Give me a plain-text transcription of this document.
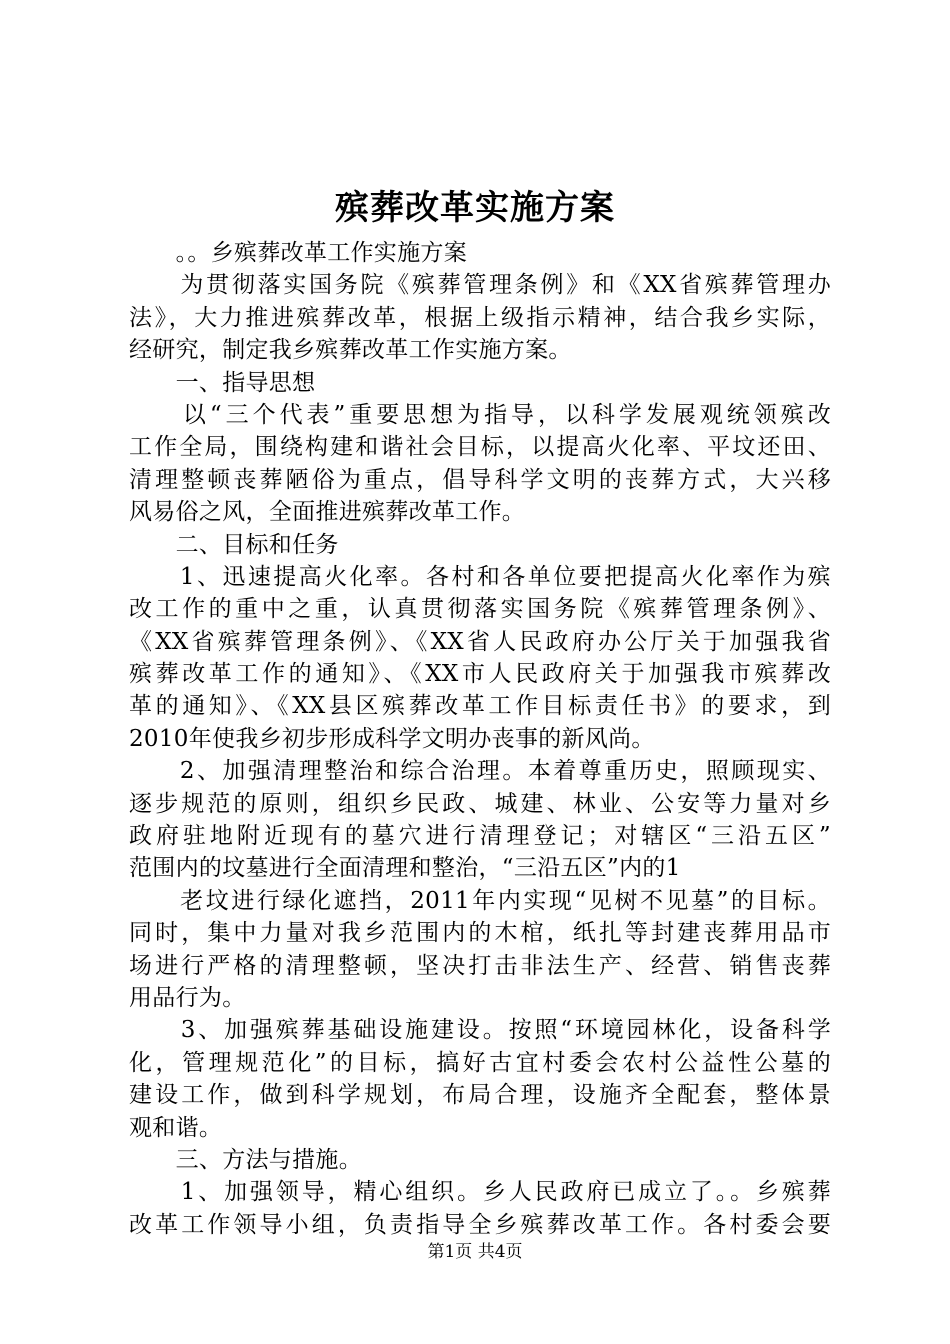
殡葬改革实施方案
　　。。乡殡葬改革工作实施方案
　　为贯彻落实国务院《殡葬管理条例》和《XX省殡葬管理办
法》，大力推进殡葬改革，根据上级指示精神，结合我乡实际，
经研究，制定我乡殡葬改革工作实施方案。
　　一、指导思想
　　以“三个代表”重要思想为指导，以科学发展观统领殡改
工作全局，围绕构建和谐社会目标，以提高火化率、平坟还田、
清理整顿丧葬陋俗为重点，倡导科学文明的丧葬方式，大兴移
风易俗之风，全面推进殡葬改革工作。
　　二、目标和任务
　　1、迅速提高火化率。各村和各单位要把提高火化率作为殡
改工作的重中之重，认真贯彻落实国务院《殡葬管理条例》、
《XX省殡葬管理条例》、《XX省人民政府办公厅关于加强我省
殡葬改革工作的通知》、《XX市人民政府关于加强我市殡葬改
革的通知》、《XX县区殡葬改革工作目标责任书》的要求，到
2010年使我乡初步形成科学文明办丧事的新风尚。
　　2、加强清理整治和综合治理。本着尊重历史，照顾现实、
逐步规范的原则，组织乡民政、城建、林业、公安等力量对乡
政府驻地附近现有的墓穴进行清理登记；对辖区“三沿五区”
范围内的坟墓进行全面清理和整治，“三沿五区”内的1
　　老坟进行绿化遮挡，2011年内实现“见树不见墓”的目标。
同时，集中力量对我乡范围内的木棺，纸扎等封建丧葬用品市
场进行严格的清理整顿，坚决打击非法生产、经营、销售丧葬
用品行为。
　　3、加强殡葬基础设施建设。按照“环境园林化，设备科学
化，管理规范化”的目标，搞好古宜村委会农村公益性公墓的
建设工作，做到科学规划，布局合理，设施齐全配套，整体景
观和谐。
　　三、方法与措施。
　　1、加强领导，精心组织。乡人民政府已成立了。。乡殡葬
改革工作领导小组，负责指导全乡殡葬改革工作。各村委会要
第1页 共4页
